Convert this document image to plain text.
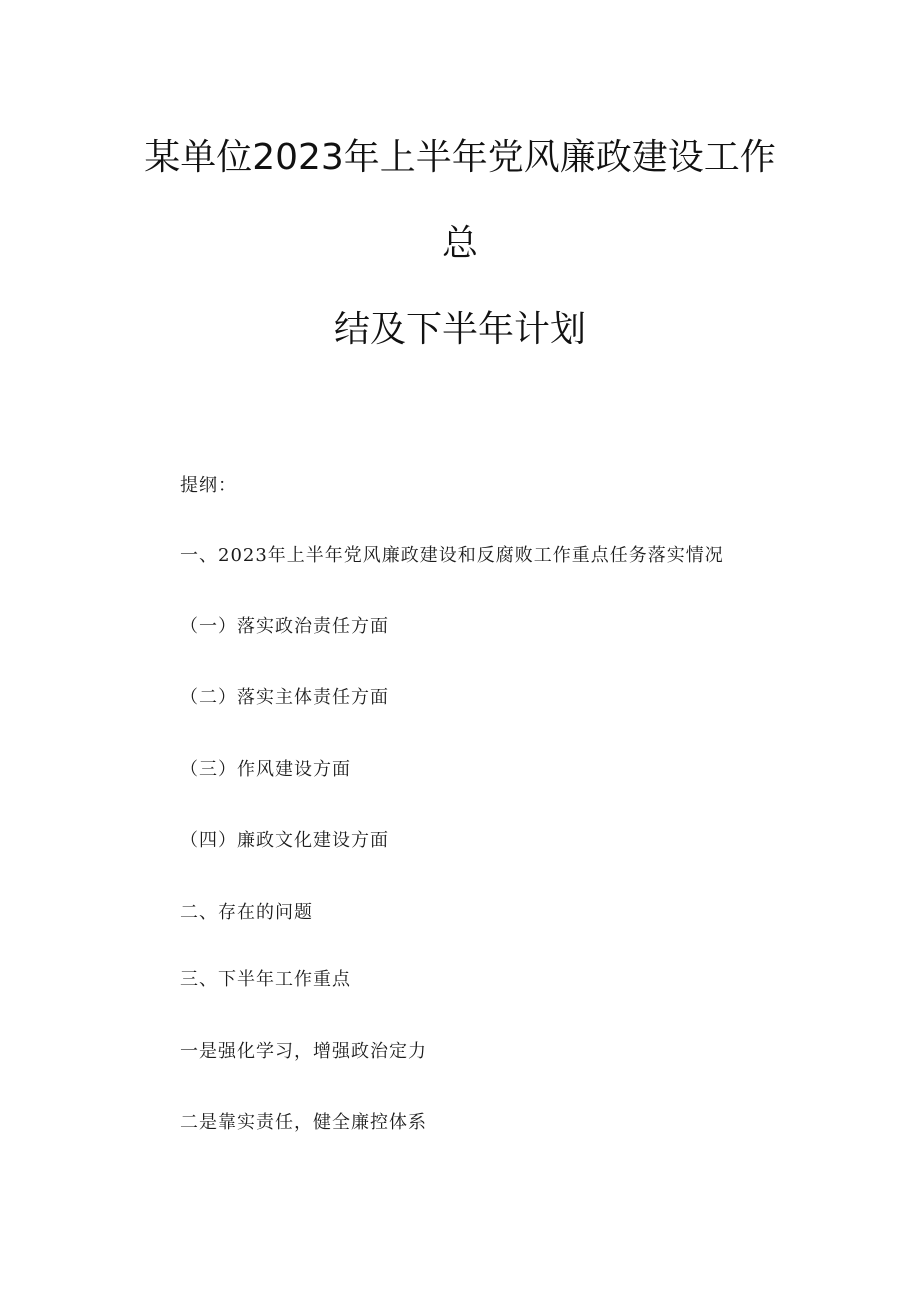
某单位2023年上半年党风廉政建设工作
总
结及下半年计划
提纲：
一、2023年上半年党风廉政建设和反腐败工作重点任务落实情况
（一）落实政治责任方面
（二）落实主体责任方面
（三）作风建设方面
（四）廉政文化建设方面
二、存在的问题
三、下半年工作重点
一是强化学习，增强政治定力
二是靠实责任，健全廉控体系
